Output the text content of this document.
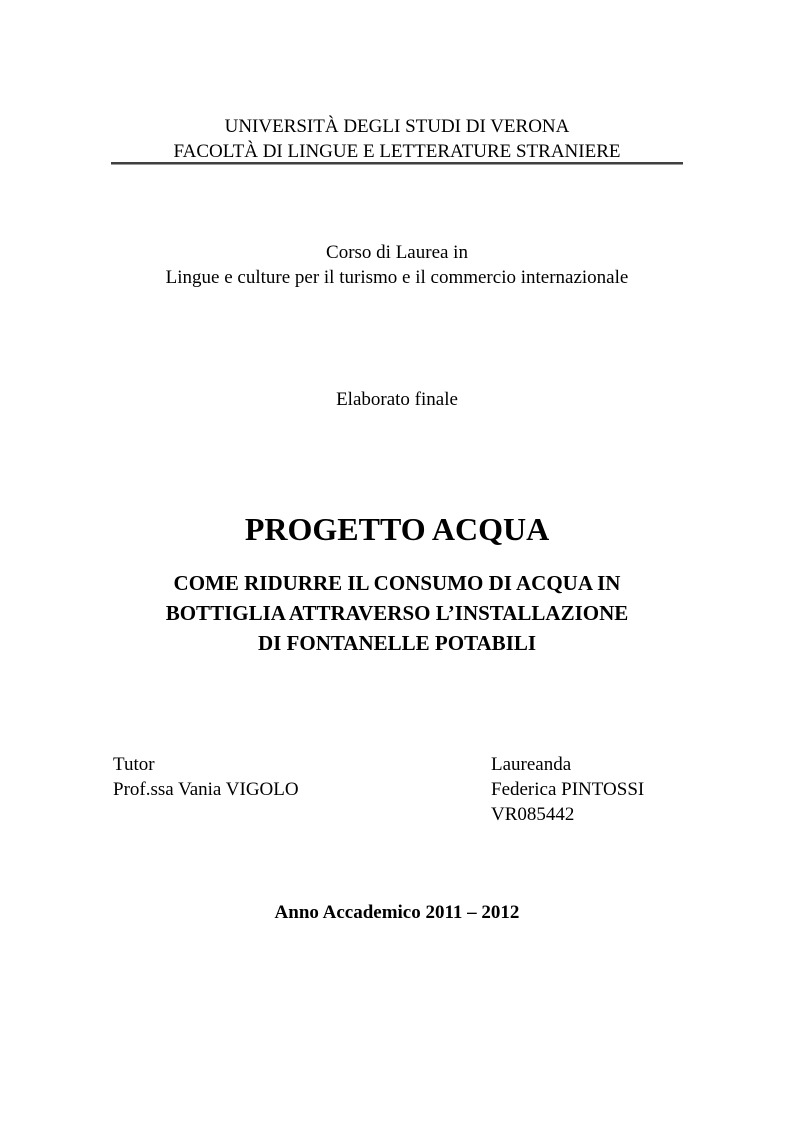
UNIVERSITÀ DEGLI STUDI DI VERONA
FACOLTÀ DI LINGUE E LETTERATURE STRANIERE
Corso di Laurea in
Lingue e culture per il turismo e il commercio internazionale
Elaborato finale
PROGETTO ACQUA
COME RIDURRE IL CONSUMO DI ACQUA IN
BOTTIGLIA ATTRAVERSO L’INSTALLAZIONE
DI FONTANELLE POTABILI
Tutor
Prof.ssa Vania VIGOLO
Laureanda
Federica PINTOSSI
VR085442
Anno Accademico 2011 – 2012
